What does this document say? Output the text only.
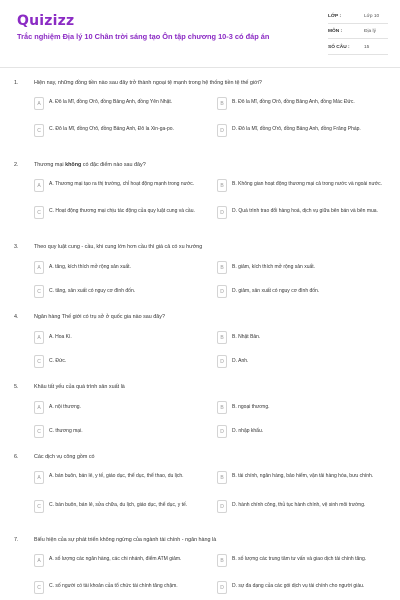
Quizizz
Trắc nghiệm Địa lý 10 Chân trời sáng tạo Ôn tập chương 10-3 có đáp án
LỚP :	Lớp 10
MÔN :	Địa lý
SỐ CÂU :	15
1.	Hiện nay, những đồng tiền nào sau đây trở thành ngoại tệ mạnh trong hệ thống tiền tệ thế giới?
A	A. Đô la Mĩ, đồng Ơrô, đồng Bảng Anh, đồng Yên Nhật.	B	B. Đô la Mĩ, đồng Ơrô, đồng Bảng Anh, đồng Mác Đức.
C	C. Đô la Mĩ, đồng Ơrô, đồng Bảng Anh, Đô la Xin-ga-po.	D	D. Đô la Mĩ, đồng Ơrô, đồng Bảng Anh, đồng Frăng Pháp.
2.	Thương mại không có đặc điểm nào sau đây?
A	A. Thương mại tạo ra thị trường, chỉ hoạt động mạnh trong nước.	B	B. Không gian hoạt động thương mại cả trong nước và ngoài nước.
C	C. Hoạt động thương mại chịu tác động của quy luật cung và cầu.	D	D. Quá trình trao đổi hàng hoá, dịch vụ giữa bên bán và bên mua.
3.	Theo quy luật cung - cầu, khi cung lớn hơn cầu thì giá cả có xu hướng
A	A. tăng, kích thích mở rộng sản xuất.	B	B. giảm, kích thích mở rộng sản xuất.
C	C. tăng, sản xuất có nguy cơ đình đốn.	D	D. giảm, sản xuất có nguy cơ đình đốn.
4.	Ngân hàng Thế giới có trụ sở ở quốc gia nào sau đây?
A	A. Hoa Kì.	B	B. Nhật Bản.
C	C. Đức.	D	D. Anh.
5.	Khâu tất yếu của quá trình sản xuất là
A	A. nội thương.	B	B. ngoại thương.
C	C. thương mại.	D	D. nhập khẩu.
6.	Các dịch vụ công gồm có
A	A. bán buôn, bán lẻ, y tế, giáo dục, thể dục, thể thao, du lịch.	B	B. tài chính, ngân hàng, bảo hiểm, vận tải hàng hóa, bưu chính.
C	C. bán buôn, bán lẻ, sửa chữa, du lịch, giáo dục, thể dục, y tế.	D	D. hành chính công, thủ tục hành chính, vệ sinh môi trường.
7.	Biểu hiện của sự phát triển không ngừng của ngành tài chính - ngân hàng là
A	A. số lượng các ngân hàng, các chi nhánh, điểm ATM giảm.	B	B. số lượng các trung tâm tư vấn và giao dịch tài chính tăng.
C	C. số người có tài khoản của tổ chức tài chính tăng chậm.	D	D. sự đa dạng của các gói dịch vụ tài chính cho người giàu.
